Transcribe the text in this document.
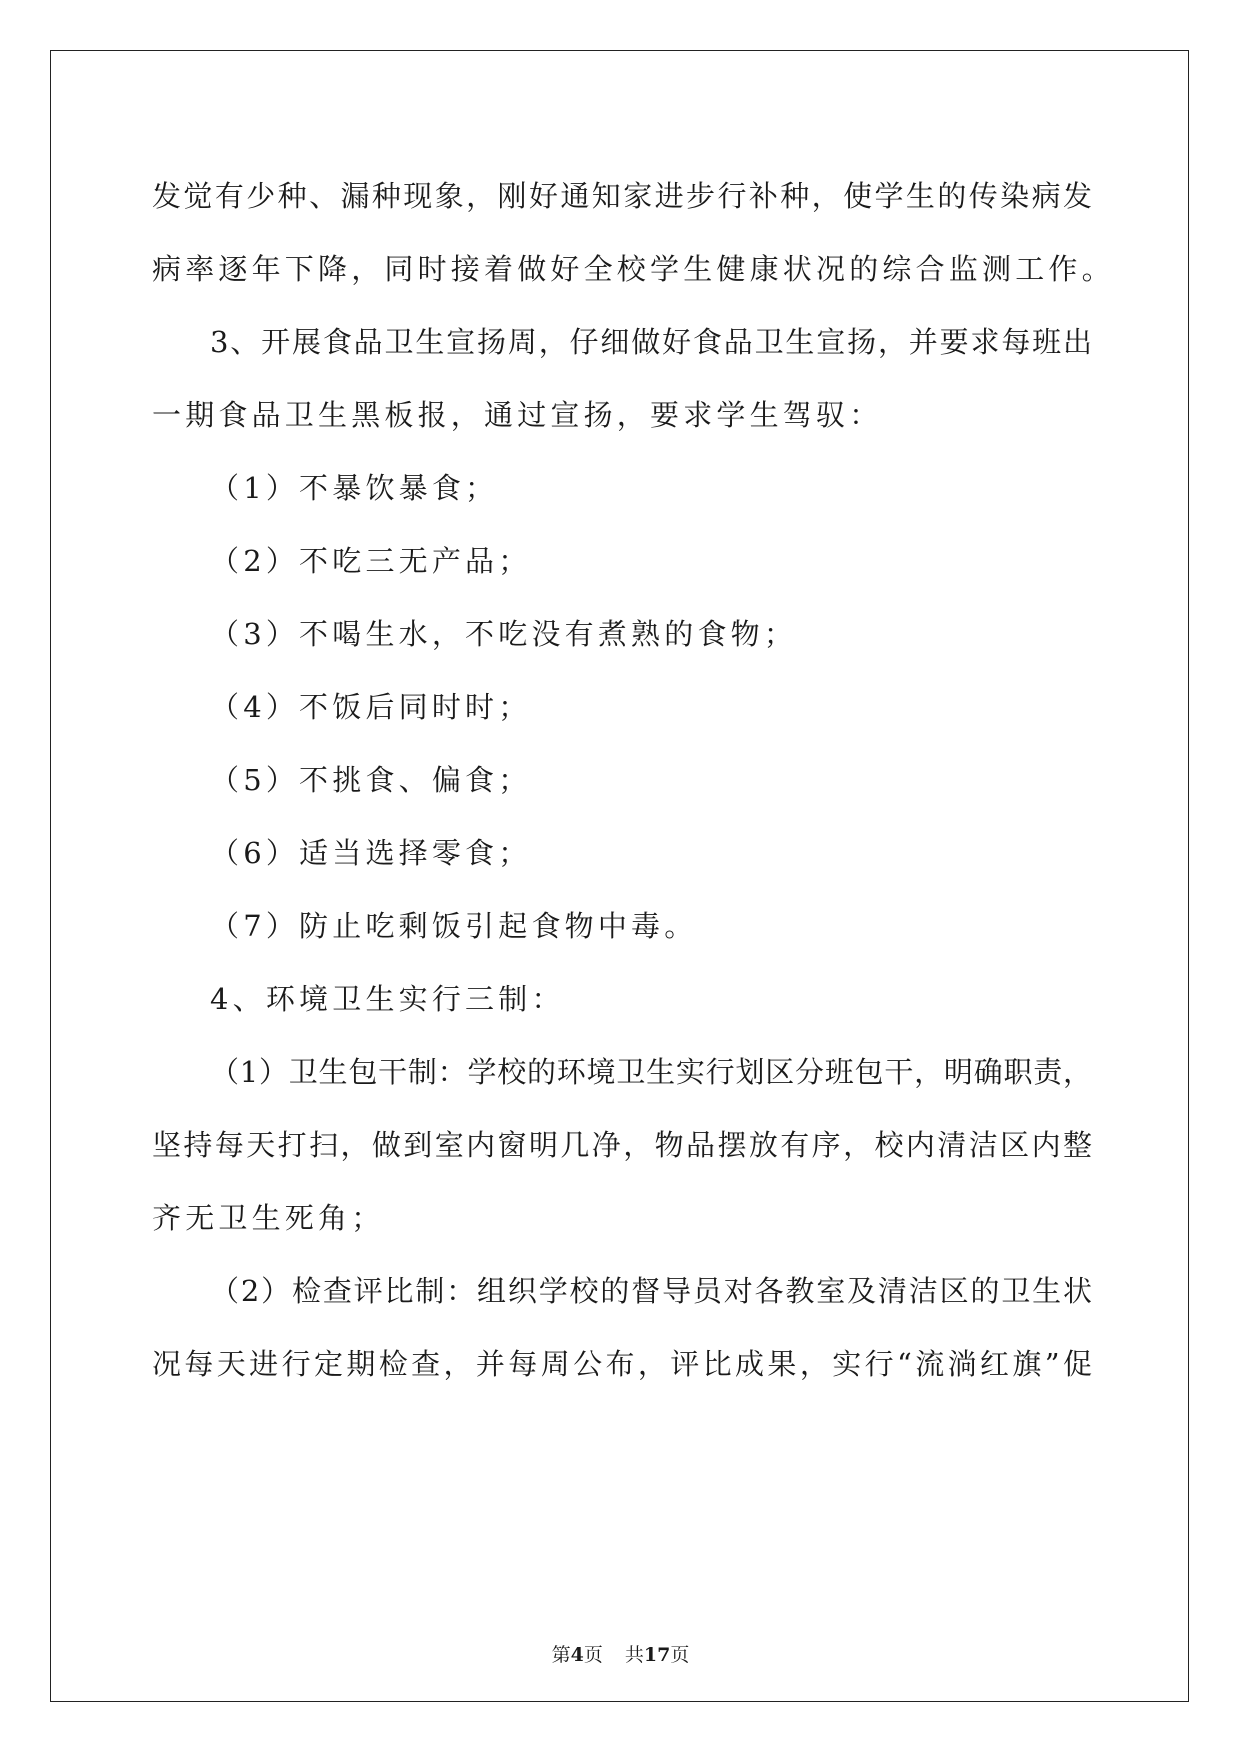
发觉有少种、漏种现象，刚好通知家进步行补种，使学生的传染病发
病率逐年下降，同时接着做好全校学生健康状况的综合监测工作。
3、开展食品卫生宣扬周，仔细做好食品卫生宣扬，并要求每班出
一期食品卫生黑板报，通过宣扬，要求学生驾驭：
（1）不暴饮暴食；
（2）不吃三无产品；
（3）不喝生水，不吃没有煮熟的食物；
（4）不饭后同时时；
（5）不挑食、偏食；
（6）适当选择零食；
（7）防止吃剩饭引起食物中毒。
4、环境卫生实行三制：
（1）卫生包干制：学校的环境卫生实行划区分班包干，明确职责，
坚持每天打扫，做到室内窗明几净，物品摆放有序，校内清洁区内整
齐无卫生死角；
（2）检查评比制：组织学校的督导员对各教室及清洁区的卫生状
况每天进行定期检查，并每周公布，评比成果，实行“流淌红旗”促
第4页 共17页
